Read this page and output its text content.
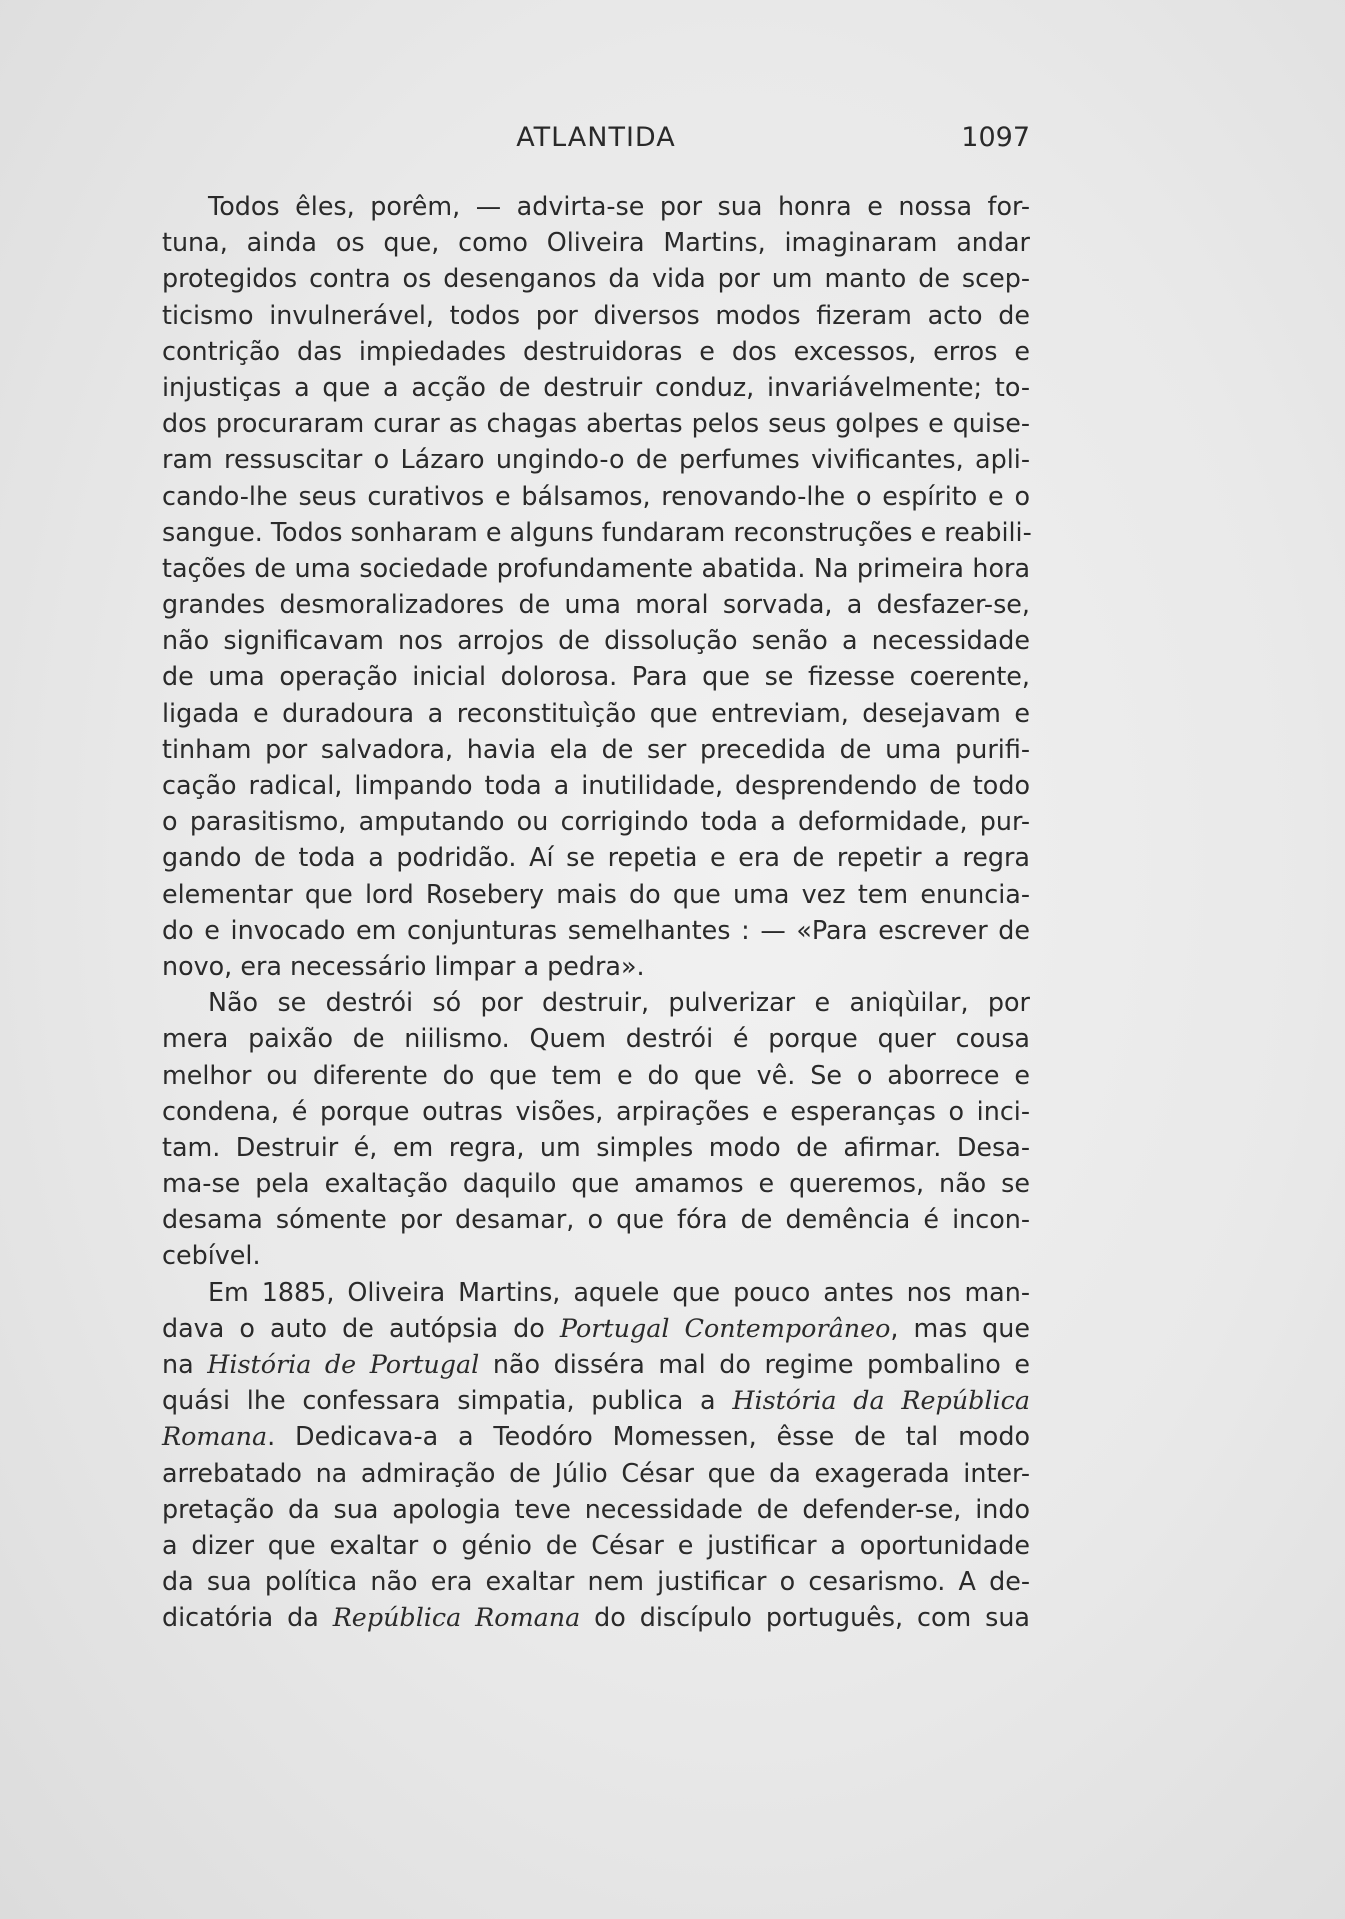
ATLANTIDA	1097
Todos êles, porêm, — advirta-se por sua honra e nossa for-
tuna, ainda os que, como Oliveira Martins, imaginaram andar
protegidos contra os desenganos da vida por um manto de scep-
ticismo invulnerável, todos por diversos modos fizeram acto de
contrição das impiedades destruidoras e dos excessos, erros e
injustiças a que a acção de destruir conduz, invariávelmente; to-
dos procuraram curar as chagas abertas pelos seus golpes e quise-
ram ressuscitar o Lázaro ungindo-o de perfumes vivificantes, apli-
cando-lhe seus curativos e bálsamos, renovando-lhe o espírito e o
sangue. Todos sonharam e alguns fundaram reconstruções e reabili-
tações de uma sociedade profundamente abatida. Na primeira hora
grandes desmoralizadores de uma moral sorvada, a desfazer-se,
não significavam nos arrojos de dissolução senão a necessidade
de uma operação inicial dolorosa. Para que se fizesse coerente,
ligada e duradoura a reconstituìção que entreviam, desejavam e
tinham por salvadora, havia ela de ser precedida de uma purifi-
cação radical, limpando toda a inutilidade, desprendendo de todo
o parasitismo, amputando ou corrigindo toda a deformidade, pur-
gando de toda a podridão. Aí se repetia e era de repetir a regra
elementar que lord Rosebery mais do que uma vez tem enuncia-
do e invocado em conjunturas semelhantes : — «Para escrever de
novo, era necessário limpar a pedra».
Não se destrói só por destruir, pulverizar e aniqùilar, por
mera paixão de niilismo. Quem destrói é porque quer cousa
melhor ou diferente do que tem e do que vê. Se o aborrece e
condena, é porque outras visões, arpirações e esperanças o inci-
tam. Destruir é, em regra, um simples modo de afirmar. Desa-
ma-se pela exaltação daquilo que amamos e queremos, não se
desama sómente por desamar, o que fóra de demência é incon-
cebível.
Em 1885, Oliveira Martins, aquele que pouco antes nos man-
dava o auto de autópsia do Portugal Contemporâneo, mas que
na História de Portugal não disséra mal do regime pombalino e
quási lhe confessara simpatia, publica a História da República
Romana. Dedicava-a a Teodóro Momessen, êsse de tal modo
arrebatado na admiração de Júlio César que da exagerada inter-
pretação da sua apologia teve necessidade de defender-se, indo
a dizer que exaltar o génio de César e justificar a oportunidade
da sua política não era exaltar nem justificar o cesarismo. A de-
dicatória da República Romana do discípulo português, com sua
